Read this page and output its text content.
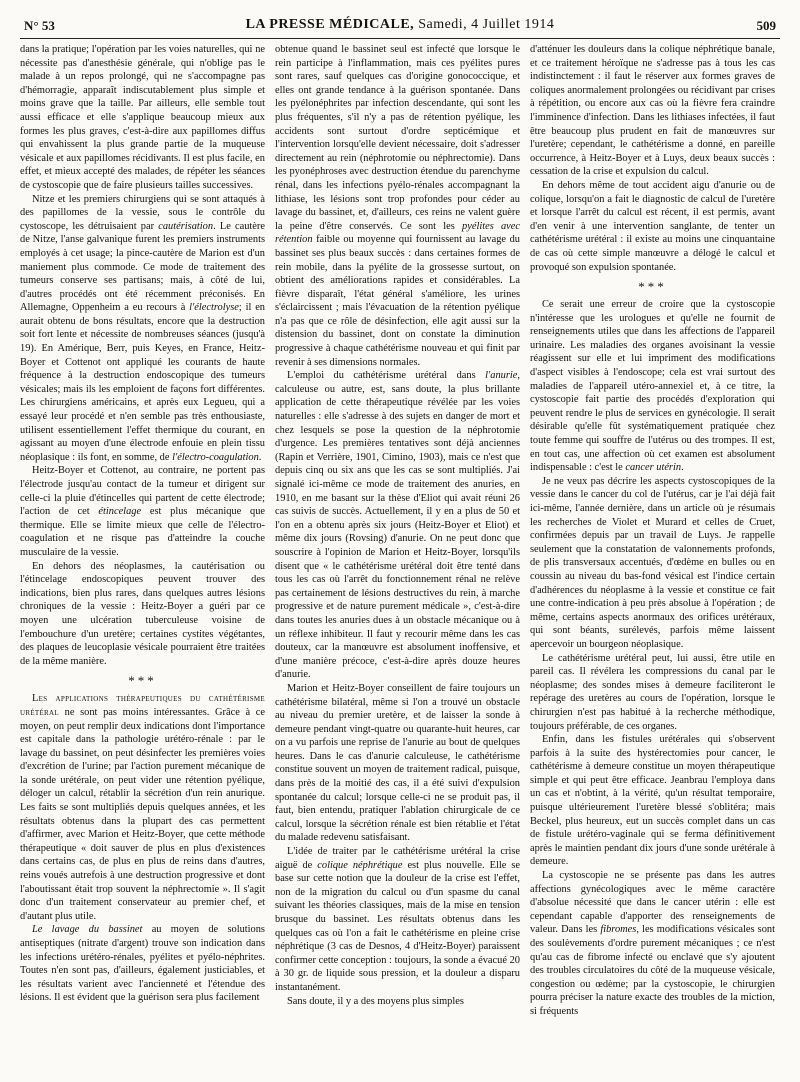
N° 53	LA PRESSE MÉDICALE, Samedi, 4 Juillet 1914	509

dans la pratique; l'opération par les voies naturelles, qui ne nécessite pas d'anesthésie générale, qui n'oblige pas le malade à un repos prolongé, qui ne s'accompagne pas d'hémorragie, apparaît indiscutablement plus simple et moins grave que la taille. Par ailleurs, elle semble tout aussi efficace et elle s'applique beaucoup mieux aux formes les plus graves, c'est-à-dire aux papillomes diffus qui envahissent la plus grande partie de la muqueuse vésicale et aux papillomes récidivants. Il est plus facile, en effet, et mieux accepté des malades, de répéter les séances de cystoscopie que de faire plusieurs tailles successives.

Nitze et les premiers chirurgiens qui se sont attaqués à des papillomes de la vessie, sous le contrôle du cystoscope, les détruisaient par cautérisation. Le cautère de Nitze, l'anse galvanique furent les premiers instruments employés à cet usage; la pince-cautère de Marion est d'un maniement plus commode. Ce mode de traitement des tumeurs conserve ses partisans; mais, à côté de lui, d'autres procédés ont été récemment préconisés. En Allemagne, Oppenheim a eu recours à l'électrolyse; il en aurait obtenu de bons résultats, encore que la destruction soit fort lente et nécessite de nombreuses séances (jusqu'à 19). En Amérique, Berr, puis Keyes, en France, Heitz-Boyer et Cottenot ont appliqué les courants de haute fréquence à la destruction endoscopique des tumeurs vésicales; mais ils les emploient de façons fort différentes. Les chirurgiens américains, et après eux Legueu, qui a essayé leur procédé et n'en semble pas très enthousiaste, utilisent essentiellement l'effet thermique du courant, en agissant au moyen d'une électrode enfouie en plein tissu néoplasique : ils font, en somme, de l'électro-coagulation.

Heitz-Boyer et Cottenot, au contraire, ne portent pas l'électrode jusqu'au contact de la tumeur et dirigent sur celle-ci la pluie d'étincelles qui partent de cette électrode; l'action de cet étincelage est plus mécanique que thermique. Elle se limite mieux que celle de l'électro-coagulation et ne risque pas d'atteindre la couche musculaire de la vessie.

En dehors des néoplasmes, la cautérisation ou l'étincelage endoscopiques peuvent trouver des indications, bien plus rares, dans quelques autres lésions chroniques de la vessie : Heitz-Boyer a guéri par ce moyen une ulcération tuberculeuse voisine de l'embouchure d'un uretère; certaines cystites végétantes, des plaques de leucoplasie vésicale pourraient être traitées de la même manière.

***

Les applications thérapeutiques du cathétérisme urétéral ne sont pas moins intéressantes. Grâce à ce moyen, on peut remplir deux indications dont l'importance est capitale dans la pathologie urétéro-rénale : par le lavage du bassinet, on peut désinfecter les premières voies d'excrétion de l'urine; par l'action purement mécanique de la sonde urétérale, on peut vider une rétention pyélique, déloger un calcul, rétablir la sécrétion d'un rein anurique. Les faits se sont multipliés depuis quelques années, et les résultats obtenus dans la plupart des cas permettent d'affirmer, avec Marion et Heitz-Boyer, que cette méthode thérapeutique « doit sauver de plus en plus d'existences dans certains cas, de plus en plus de reins dans d'autres, reins voués autrefois à une destruction progressive et dont l'aboutissant était trop souvent la néphrectomie ». Il s'agit donc d'un traitement conservateur au premier chef, et d'autant plus utile.

Le lavage du bassinet au moyen de solutions antiseptiques (nitrate d'argent) trouve son indication dans les infections urétéro-rénales, pyélites et pyélo-néphrites. Toutes n'en sont pas, d'ailleurs, également justiciables, et les résultats varient avec l'ancienneté et l'étendue des lésions. Il est évident que la guérison sera plus facilement

obtenue quand le bassinet seul est infecté que lorsque le rein participe à l'inflammation, mais ces pyélites pures sont rares, sauf quelques cas d'origine gonococcique, et elles ont grande tendance à la guérison spontanée. Dans les pyélonéphrites par infection descendante, qui sont les plus fréquentes, s'il n'y a pas de rétention pyélique, les accidents sont surtout d'ordre septicémique et l'intervention lorsqu'elle devient nécessaire, doit s'adresser directement au rein (néphrotomie ou néphrectomie). Dans les pyonéphroses avec destruction étendue du parenchyme rénal, dans les infections pyélo-rénales accompagnant la lithiase, les lésions sont trop profondes pour céder au lavage du bassinet, et, d'ailleurs, ces reins ne valent guère la peine d'être conservés. Ce sont les pyélites avec rétention faible ou moyenne qui fournissent au lavage du bassinet ses plus beaux succès : dans certaines formes de rein mobile, dans la pyélite de la grossesse surtout, on obtient des améliorations rapides et considérables. La fièvre disparaît, l'état général s'améliore, les urines s'éclaircissent ; mais l'évacuation de la rétention pyélique n'a pas que ce rôle de désinfection, elle agit aussi sur la distension du bassinet, dont on constate la diminution progressive à chaque cathétérisme nouveau et qui finit par revenir à ses dimensions normales.

L'emploi du cathétérisme urétéral dans l'anurie, calculeuse ou autre, est, sans doute, la plus brillante application de cette thérapeutique révélée par les voies naturelles : elle s'adresse à des sujets en danger de mort et chez lesquels se pose la question de la néphrotomie d'urgence. Les premières tentatives sont déjà anciennes (Rapin et Verrière, 1901, Cimino, 1903), mais ce n'est que depuis cinq ou six ans que les cas se sont multipliés. J'ai signalé ici-même ce mode de traitement des anuries, en 1910, en me basant sur la thèse d'Eliot qui avait réuni 26 cas suivis de succès. Actuellement, il y en a plus de 50 et l'on en a obtenu après six jours (Heitz-Boyer et Eliot) et même dix jours (Rovsing) d'anurie. On ne peut donc que souscrire à l'opinion de Marion et Heitz-Boyer, lorsqu'ils disent que « le cathétérisme urétéral doit être tenté dans tous les cas où l'arrêt du fonctionnement rénal ne relève pas certainement de lésions destructives du rein, à marche progressive et de nature purement médicale », c'est-à-dire dans toutes les anuries dues à un obstacle mécanique ou à un réflexe inhibiteur. Il faut y recourir même dans les cas douteux, car la manœuvre est absolument inoffensive, et d'une manière précoce, c'est-à-dire après douze heures d'anurie.

Marion et Heitz-Boyer conseillent de faire toujours un cathétérisme bilatéral, même si l'on a trouvé un obstacle au niveau du premier uretère, et de laisser la sonde à demeure pendant vingt-quatre ou quarante-huit heures, car on a vu parfois une reprise de l'anurie au bout de quelques heures. Dans le cas d'anurie calculeuse, le cathétérisme constitue souvent un moyen de traitement radical, puisque, dans près de la moitié des cas, il a été suivi d'expulsion spontanée du calcul; lorsque celle-ci ne se produit pas, il faut, bien entendu, pratiquer l'ablation chirurgicale de ce calcul, lorsque la sécrétion rénale est bien rétablie et l'état du malade redevenu satisfaisant.

L'idée de traiter par le cathétérisme urétéral la crise aiguë de colique néphrétique est plus nouvelle. Elle se base sur cette notion que la douleur de la crise est l'effet, non de la migration du calcul ou d'un spasme du canal suivant les théories classiques, mais de la mise en tension brusque du bassinet. Les résultats obtenus dans les quelques cas où l'on a fait le cathétérisme en pleine crise néphrétique (3 cas de Desnos, 4 d'Heitz-Boyer) paraissent confirmer cette conception : toujours, la sonde a évacué 20 à 30 gr. de liquide sous pression, et la douleur a disparu instantanément.

Sans doute, il y a des moyens plus simples

d'atténuer les douleurs dans la colique néphrétique banale, et ce traitement héroïque ne s'adresse pas à tous les cas indistinctement : il faut le réserver aux formes graves de coliques anormalement prolongées ou récidivant par crises à répétition, ou encore aux cas où la fièvre fera craindre l'imminence d'infection. Dans les lithiases infectées, il faut être beaucoup plus prudent en fait de manœuvres sur l'uretère; cependant, le cathétérisme a donné, en pareille occurrence, à Heitz-Boyer et à Luys, deux beaux succès : cessation de la crise et expulsion du calcul.

En dehors même de tout accident aigu d'anurie ou de colique, lorsqu'on a fait le diagnostic de calcul de l'uretère et lorsque l'arrêt du calcul est récent, il est permis, avant d'en venir à une intervention sanglante, de tenter un cathétérisme urétéral : il existe au moins une cinquantaine de cas où cette simple manœuvre a délogé le calcul et provoqué son expulsion spontanée.

***

Ce serait une erreur de croire que la cystoscopie n'intéresse que les urologues et qu'elle ne fournit de renseignements utiles que dans les affections de l'appareil urinaire. Les maladies des organes avoisinant la vessie réagissent sur elle et lui impriment des modifications d'aspect visibles à l'endoscope; cela est vrai surtout des maladies de l'appareil utéro-annexiel et, à ce titre, la cystoscopie fait partie des procédés d'exploration qui peuvent rendre le plus de services en gynécologie. Il serait désirable qu'elle fût systématiquement pratiquée chez toute femme qui souffre de l'utérus ou des trompes. Il est, en tout cas, une affection où cet examen est absolument indispensable : c'est le cancer utérin.

Je ne veux pas décrire les aspects cystoscopiques de la vessie dans le cancer du col de l'utérus, car je l'ai déjà fait ici-même, l'année dernière, dans un article où je résumais les recherches de Violet et Murard et celles de Cruet, confirmées depuis par un travail de Luys. Je rappelle seulement que la constatation de valonnements profonds, de plis transversaux accentués, d'œdème en bulles ou en coussin au niveau du bas-fond vésical est l'indice certain d'adhérences du néoplasme à la vessie et constitue ce fait une contre-indication à peu près absolue à l'opération ; de même, certains aspects anormaux des orifices urétéraux, qui sont béants, surélevés, parfois même laissent apercevoir un bourgeon néoplasique.

Le cathétérisme urétéral peut, lui aussi, être utile en pareil cas. Il révélera les compressions du canal par le néoplasme; des sondes mises à demeure faciliteront le repérage des uretères au cours de l'opération, lorsque le chirurgien n'est pas habitué à la recherche méthodique, toujours préférable, de ces organes.

Enfin, dans les fistules urétérales qui s'observent parfois à la suite des hystérectomies pour cancer, le cathétérisme à demeure constitue un moyen thérapeutique simple et qui peut être efficace. Jeanbrau l'employa dans un cas et n'obtint, à la vérité, qu'un résultat temporaire, puisque ultérieurement l'uretère blessé s'oblitéra; mais Beckel, plus heureux, eut un succès complet dans un cas de fistule urétéro-vaginale qui se ferma définitivement après le maintien pendant dix jours d'une sonde urétérale à demeure.

La cystoscopie ne se présente pas dans les autres affections gynécologiques avec le même caractère d'absolue nécessité que dans le cancer utérin : elle est cependant capable d'apporter des renseignements de valeur. Dans les fibromes, les modifications vésicales sont des soulèvements d'ordre purement mécaniques ; ce n'est qu'au cas de fibrome infecté ou enclavé que s'y ajoutent des troubles circulatoires du côté de la muqueuse vésicale, congestion ou œdème; par la cystoscopie, le chirurgien pourra préciser la nature exacte des troubles de la miction, si fréquents
